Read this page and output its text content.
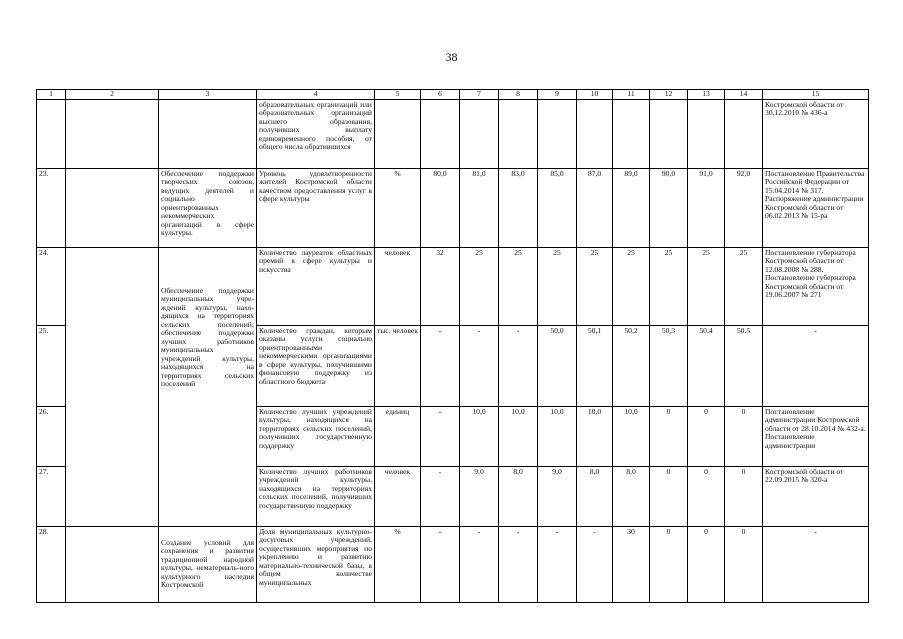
38
1	2	3	4	5	6	7	8	9	10	11	12	13	14	15
			образовательных организаций или образовательных организаций высшего образования, получивших выплату единовременного пособия, от общего числа обратившихся											Костромской области от 30.12.2010 № 436-а
23.		Обеспечение поддержки творческих союзов, ведущих деятелей и социально ориентированных некоммерческих организаций в сфере культуры.	Уровень удовлетворенности жителей Костромской области качеством предоставления услуг в сфере культуры	%	80,0	81,0	83,0	85,0	87,0	89,0	90,0	91,0	92,0	Постановление Правительства Российской Федерации от 15.04.2014 № 317. Распоряжение администрации Костромской области от 06.02.2013 № 15-ра
24.		Обеспечение поддержки муниципальных учре-ждений культуры, нахо-дящихся на территориях сельских поселений; обеспечение поддержки лучших работников муниципальных учреждений культуры, находящихся на территориях сельских поселений	Количество лауреатов областных премий в сфере культуры и искусства	человек	32	25	25	25	25	25	25	25	25	Постановление губернатора Костромской области от 12.08.2008 № 288. Постановление губернатора Костромской области от 19.06.2007 № 271
25.			Количество граждан, которым оказаны услуги социально ориентированными некоммерческими организациями в сфере культуры, получившими финансовую поддержку из областного бюджета	тыс. человек	-	-	-	50,0	50,1	50,2	50,3	50,4	50,5	-
26.			Количество лучших учреждений культуры, находящихся на территориях сельских поселений, получивших государственную поддержку	единиц	-	10,0	10,0	10,0	10,0	10,0	0	0	0	Постановление администрации Костромской области от 28.10.2014 № 432-а. Постановление администрации
27.			Количество лучших работников учреждений культуры, находящихся на территориях сельских поселений, получивших государственную поддержку	человек	-	9,0	8,0	9,0	8,0	8,0	0	0	0	Костромской области от 22.09.2015 № 320-а
28.		Создание условий для сохранения и развития традиционной народной культуры, нематериаль-ного культурного наследия Костромской	Доля муниципальных культурно-досуговых учреждений, осуществивших мероприятия по укреплению и развитию материально-технической базы, в общем количестве муниципальных	%	-	-	-	-	-	30	0	0	0	-
